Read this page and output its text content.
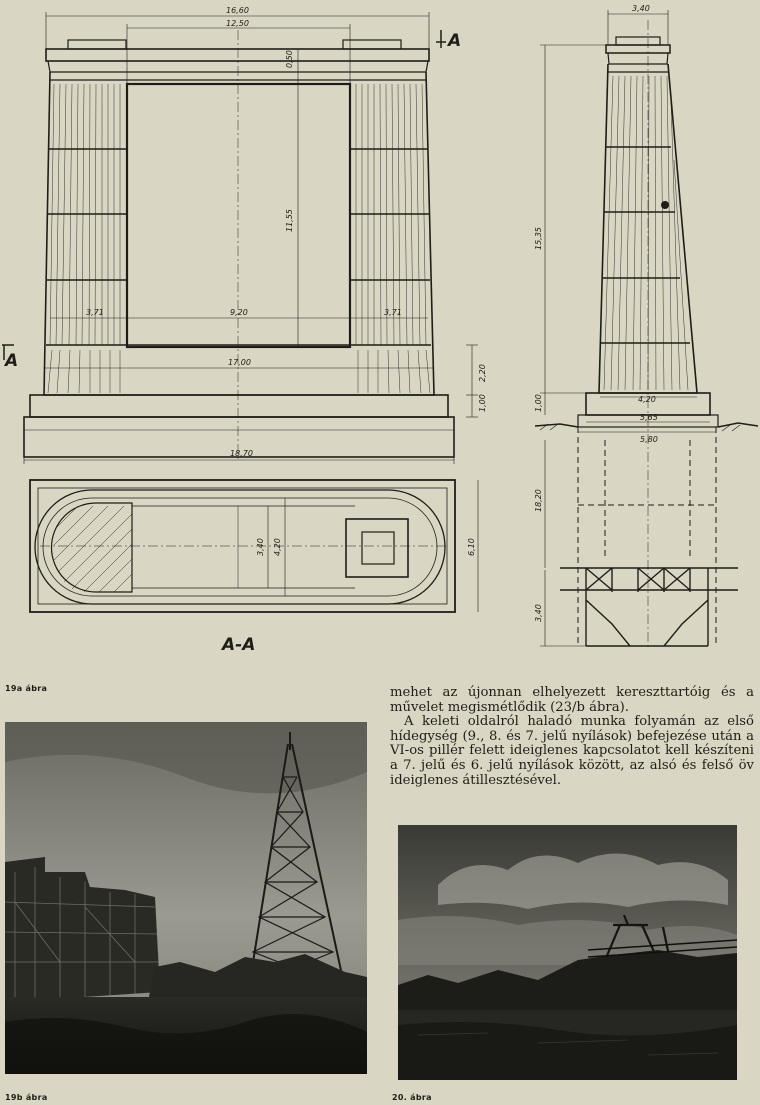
16,60
12,50
0,50
11,55
3,71	9,20	3,71
17,00
2,20
1,00
18,70
3,40 4,20	6,10
3,40
15,35
1,00	4,20
5,65
5,80
18,20
3,40
A
A
A-A
19a ábra
19b ábra	20. ábra

mehet az újonnan elhelyezett kereszttartóig és a művelet megismétlődik (23/b ábra).

A keleti oldalról haladó munka folyamán az első hídegység (9., 8. és 7. jelű nyílások) befejezése után a VI-os pillér felett ideiglenes kapcsolatot kell készíteni a 7. jelű és 6. jelű nyílások között, az alsó és felső öv ideiglenes átillesztésével.
